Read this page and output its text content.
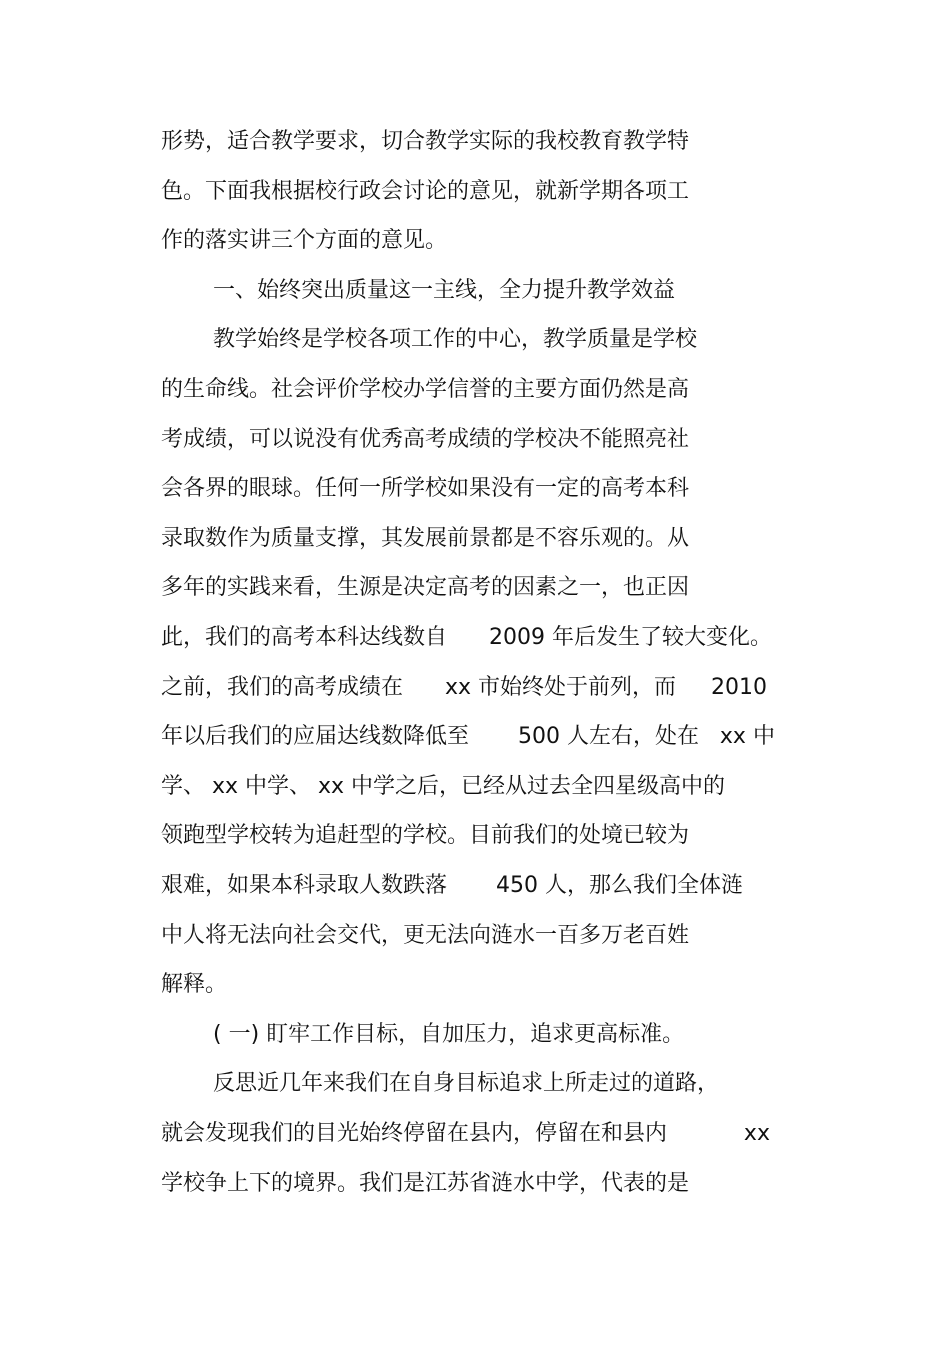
形势，适合教学要求，切合教学实际的我校教育教学特
色。下面我根据校行政会讨论的意见，就新学期各项工
作的落实讲三个方面的意见。
一、始终突出质量这一主线，全力提升教学效益
教学始终是学校各项工作的中心，教学质量是学校
的生命线。社会评价学校办学信誉的主要方面仍然是高
考成绩，可以说没有优秀高考成绩的学校决不能照亮社
会各界的眼球。任何一所学校如果没有一定的高考本科
录取数作为质量支撑，其发展前景都是不容乐观的。从
多年的实践来看，生源是决定高考的因素之一，也正因
此，我们的高考本科达线数自      2009 年后发生了较大变化。
之前，我们的高考成绩在      xx 市始终处于前列，而     2010
年以后我们的应届达线数降低至       500 人左右，处在   xx 中
学、 xx 中学、 xx 中学之后，已经从过去全四星级高中的
领跑型学校转为追赶型的学校。目前我们的处境已较为
艰难，如果本科录取人数跌落       450 人，那么我们全体涟
中人将无法向社会交代，更无法向涟水一百多万老百姓
解释。
( 一) 盯牢工作目标，自加压力，追求更高标准。
反思近几年来我们在自身目标追求上所走过的道路，
就会发现我们的目光始终停留在县内，停留在和县内           xx
学校争上下的境界。我们是江苏省涟水中学，代表的是
